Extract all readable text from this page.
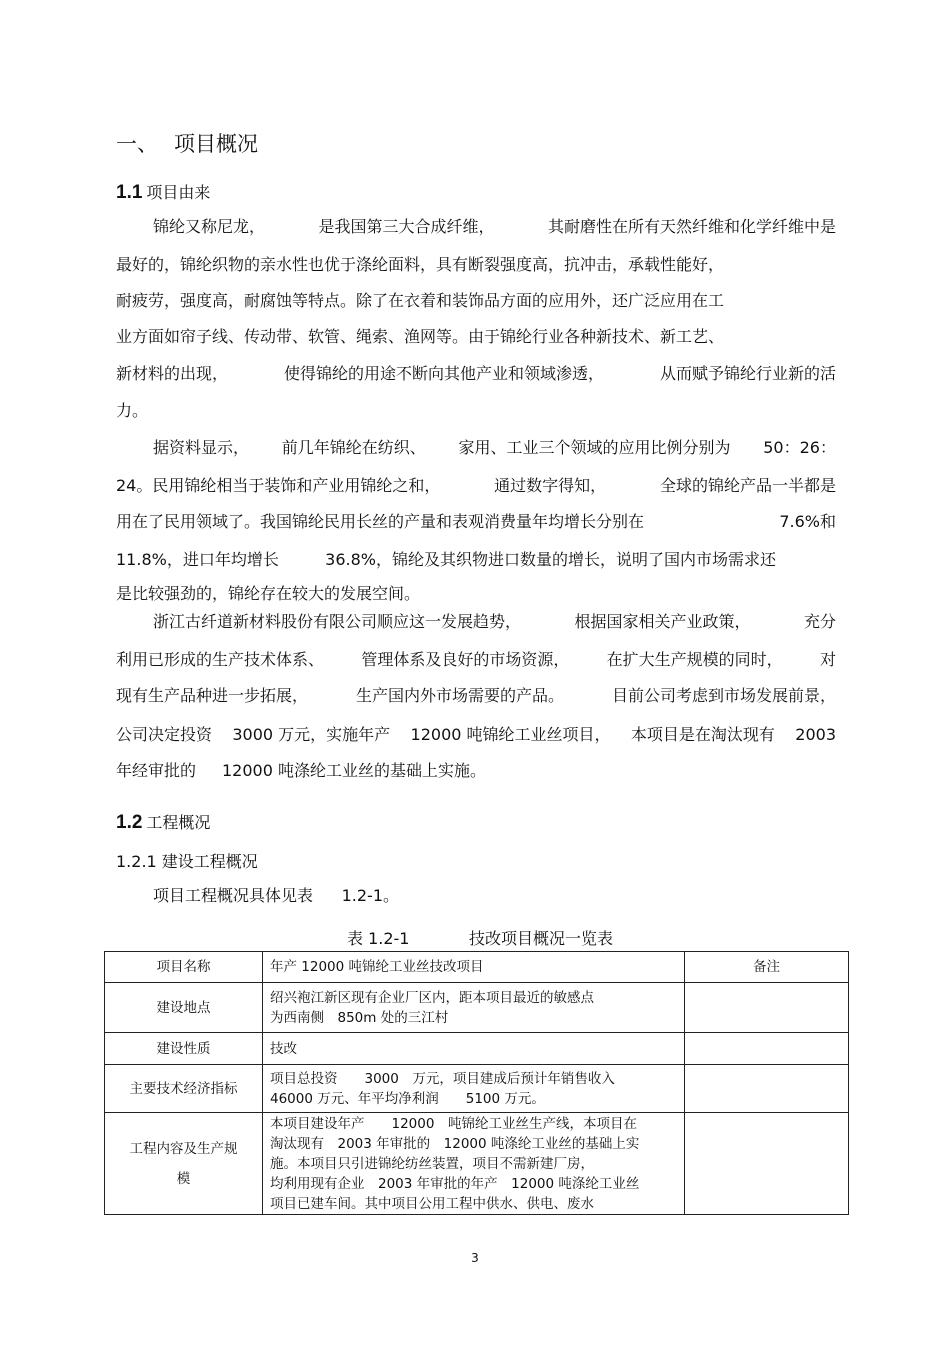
一、 项目概况
1.1 项目由来
锦纶又称尼龙，	是我国第三大合成纤维，	其耐磨性在所有天然纤维和化学纤维中是
最好的，锦纶织物的亲水性也优于涤纶面料，具有断裂强度高，抗冲击，承载性能好，
耐疲劳，强度高，耐腐蚀等特点。除了在衣着和装饰品方面的应用外，还广泛应用在工
业方面如帘子线、传动带、软管、绳索、渔网等。由于锦纶行业各种新技术、新工艺、
新材料的出现，	使得锦纶的用途不断向其他产业和领域渗透，	从而赋予锦纶行业新的活
力。
据资料显示， 前几年锦纶在纺织、 家用、工业三个领域的应用比例分别为 50：26：
24。民用锦纶相当于装饰和产业用锦纶之和，	通过数字得知，	全球的锦纶产品一半都是
用在了民用领域了。我国锦纶民用长丝的产量和表观消费量年均增长分别在	7.6%和
11.8%，进口年均增长	36.8%，锦纶及其织物进口数量的增长，说明了国内市场需求还
是比较强劲的，锦纶存在较大的发展空间。
浙江古纤道新材料股份有限公司顺应这一发展趋势，	根据国家相关产业政策，	充分
利用已形成的生产技术体系、 管理体系及良好的市场资源， 在扩大生产规模的同时， 对
现有生产品种进一步拓展，	生产国内外市场需要的产品。	目前公司考虑到市场发展前景，
公司决定投资 3000 万元，实施年产 12000 吨锦纶工业丝项目， 本项目是在淘汰现有 2003
年经审批的 12000 吨涤纶工业丝的基础上实施。
1.2 工程概况
1.2.1 建设工程概况
项目工程概况具体见表 1.2-1。
表 1.2-1	技改项目概况一览表
项目名称	年产 12000 吨锦纶工业丝技改项目	备注

建设地点	绍兴袍江新区现有企业厂区内，距本项目最近的敏感点
为西南侧　850m 处的三江村	

建设性质	技改	

主要技术经济指标	项目总投资　　3000　万元，项目建成后预计年销售收入
46000 万元、年平均净利润　　5100 万元。	

工程内容及生产规
模	本项目建设年产　　12000　吨锦纶工业丝生产线，本项目在
淘汰现有　2003 年审批的　12000 吨涤纶工业丝的基础上实
施。本项目只引进锦纶纺丝装置，项目不需新建厂房，
均利用现有企业　2003 年审批的年产　12000 吨涤纶工业丝
项目已建车间。其中项目公用工程中供水、供电、废水	

3
